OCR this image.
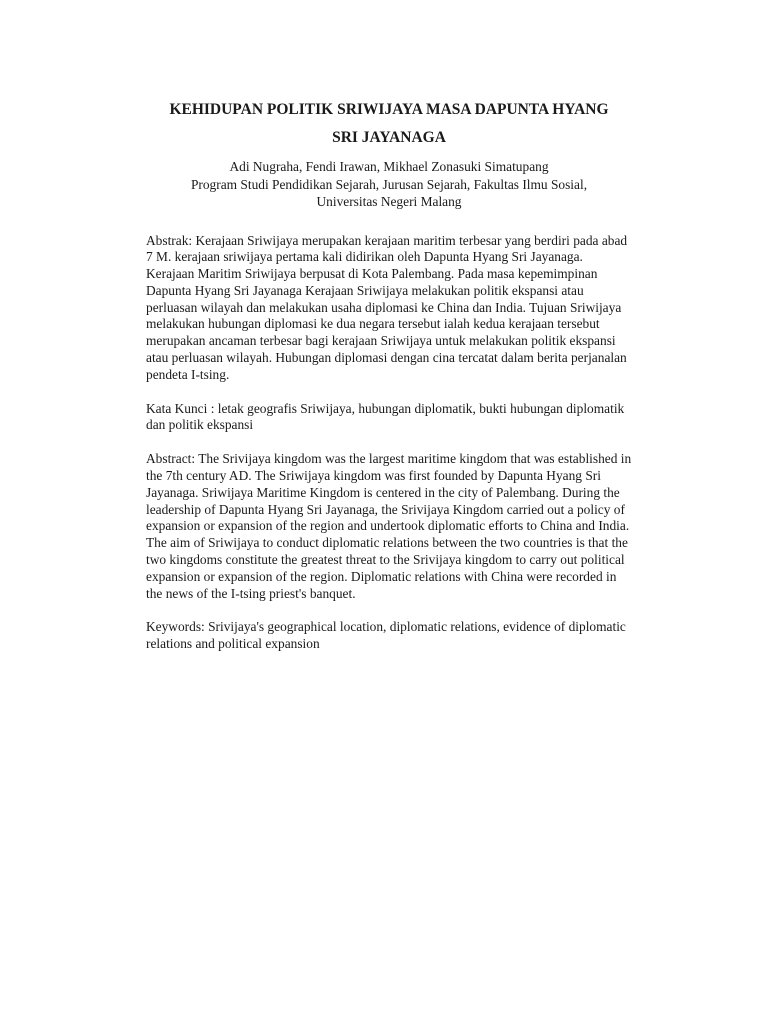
KEHIDUPAN POLITIK SRIWIJAYA MASA DAPUNTA HYANG
SRI JAYANAGA
Adi Nugraha, Fendi Irawan, Mikhael Zonasuki Simatupang
Program Studi Pendidikan Sejarah, Jurusan Sejarah, Fakultas Ilmu Sosial,
Universitas Negeri Malang

Abstrak: Kerajaan Sriwijaya merupakan kerajaan maritim terbesar yang berdiri pada abad 7 M. kerajaan sriwijaya pertama kali didirikan oleh Dapunta Hyang Sri Jayanaga. Kerajaan Maritim Sriwijaya berpusat di Kota Palembang. Pada masa kepemimpinan Dapunta Hyang Sri Jayanaga Kerajaan Sriwijaya melakukan politik ekspansi atau perluasan wilayah dan melakukan usaha diplomasi ke China dan India. Tujuan Sriwijaya melakukan hubungan diplomasi ke dua negara tersebut ialah kedua kerajaan tersebut merupakan ancaman terbesar bagi kerajaan Sriwijaya untuk melakukan politik ekspansi atau perluasan wilayah. Hubungan diplomasi dengan cina tercatat dalam berita perjanalan pendeta I-tsing.

Kata Kunci : letak geografis Sriwijaya, hubungan diplomatik, bukti hubungan diplomatik dan politik ekspansi

Abstract: The Srivijaya kingdom was the largest maritime kingdom that was established in the 7th century AD. The Sriwijaya kingdom was first founded by Dapunta Hyang Sri Jayanaga. Sriwijaya Maritime Kingdom is centered in the city of Palembang. During the leadership of Dapunta Hyang Sri Jayanaga, the Srivijaya Kingdom carried out a policy of expansion or expansion of the region and undertook diplomatic efforts to China and India. The aim of Sriwijaya to conduct diplomatic relations between the two countries is that the two kingdoms constitute the greatest threat to the Srivijaya kingdom to carry out political expansion or expansion of the region. Diplomatic relations with China were recorded in the news of the I-tsing priest's banquet.

Keywords: Srivijaya's geographical location, diplomatic relations, evidence of diplomatic relations and political expansion
